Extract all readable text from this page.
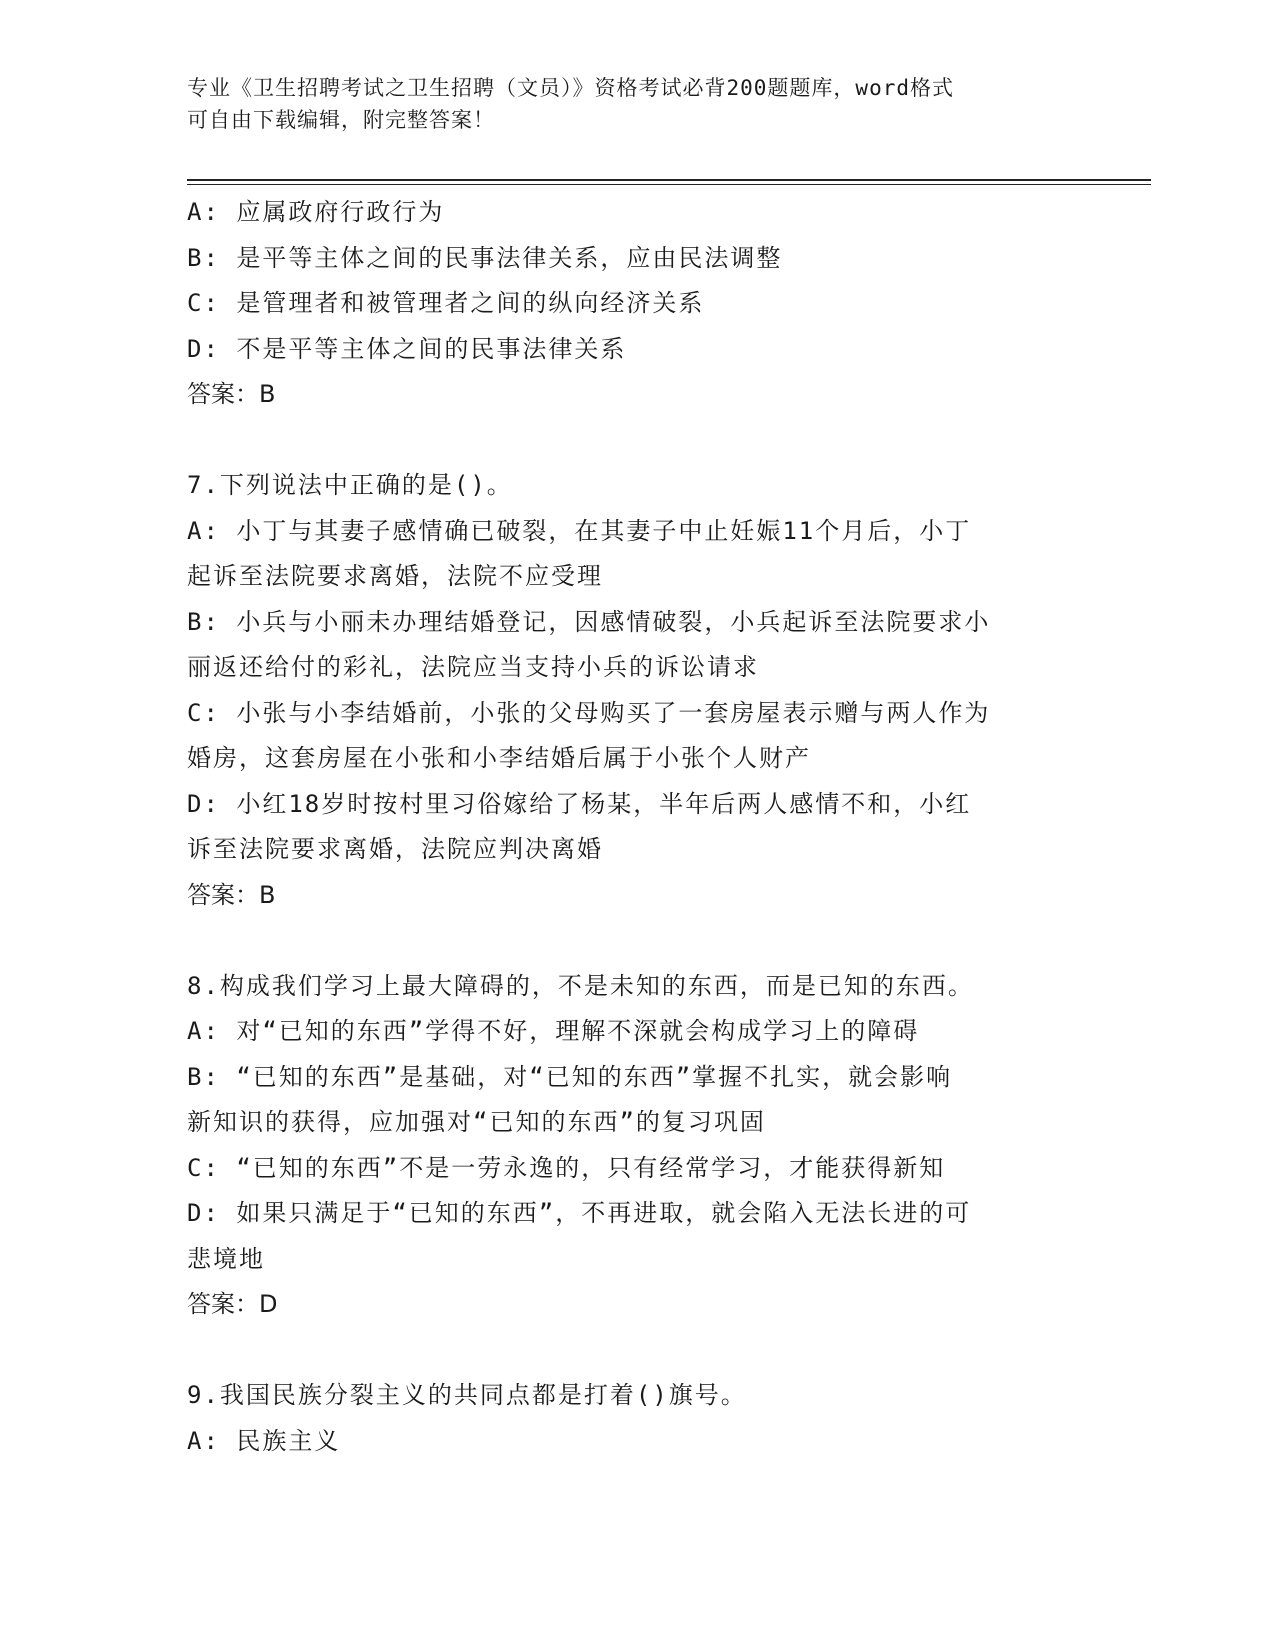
专业《卫生招聘考试之卫生招聘（文员）》资格考试必背200题题库，word格式
可自由下载编辑，附完整答案！
A: 应属政府行政行为
B: 是平等主体之间的民事法律关系，应由民法调整
C: 是管理者和被管理者之间的纵向经济关系
D: 不是平等主体之间的民事法律关系
答案：B
7.下列说法中正确的是()。
A: 小丁与其妻子感情确已破裂，在其妻子中止妊娠11个月后，小丁
起诉至法院要求离婚，法院不应受理
B: 小兵与小丽未办理结婚登记，因感情破裂，小兵起诉至法院要求小
丽返还给付的彩礼，法院应当支持小兵的诉讼请求
C: 小张与小李结婚前，小张的父母购买了一套房屋表示赠与两人作为
婚房，这套房屋在小张和小李结婚后属于小张个人财产
D: 小红18岁时按村里习俗嫁给了杨某，半年后两人感情不和，小红
诉至法院要求离婚，法院应判决离婚
答案：B
8.构成我们学习上最大障碍的，不是未知的东西，而是已知的东西。
A: 对“已知的东西”学得不好，理解不深就会构成学习上的障碍
B: “已知的东西”是基础，对“已知的东西”掌握不扎实，就会影响
新知识的获得，应加强对“已知的东西”的复习巩固
C: “已知的东西”不是一劳永逸的，只有经常学习，才能获得新知
D: 如果只满足于“已知的东西”，不再进取，就会陷入无法长进的可
悲境地
答案：D
9.我国民族分裂主义的共同点都是打着()旗号。
A: 民族主义
